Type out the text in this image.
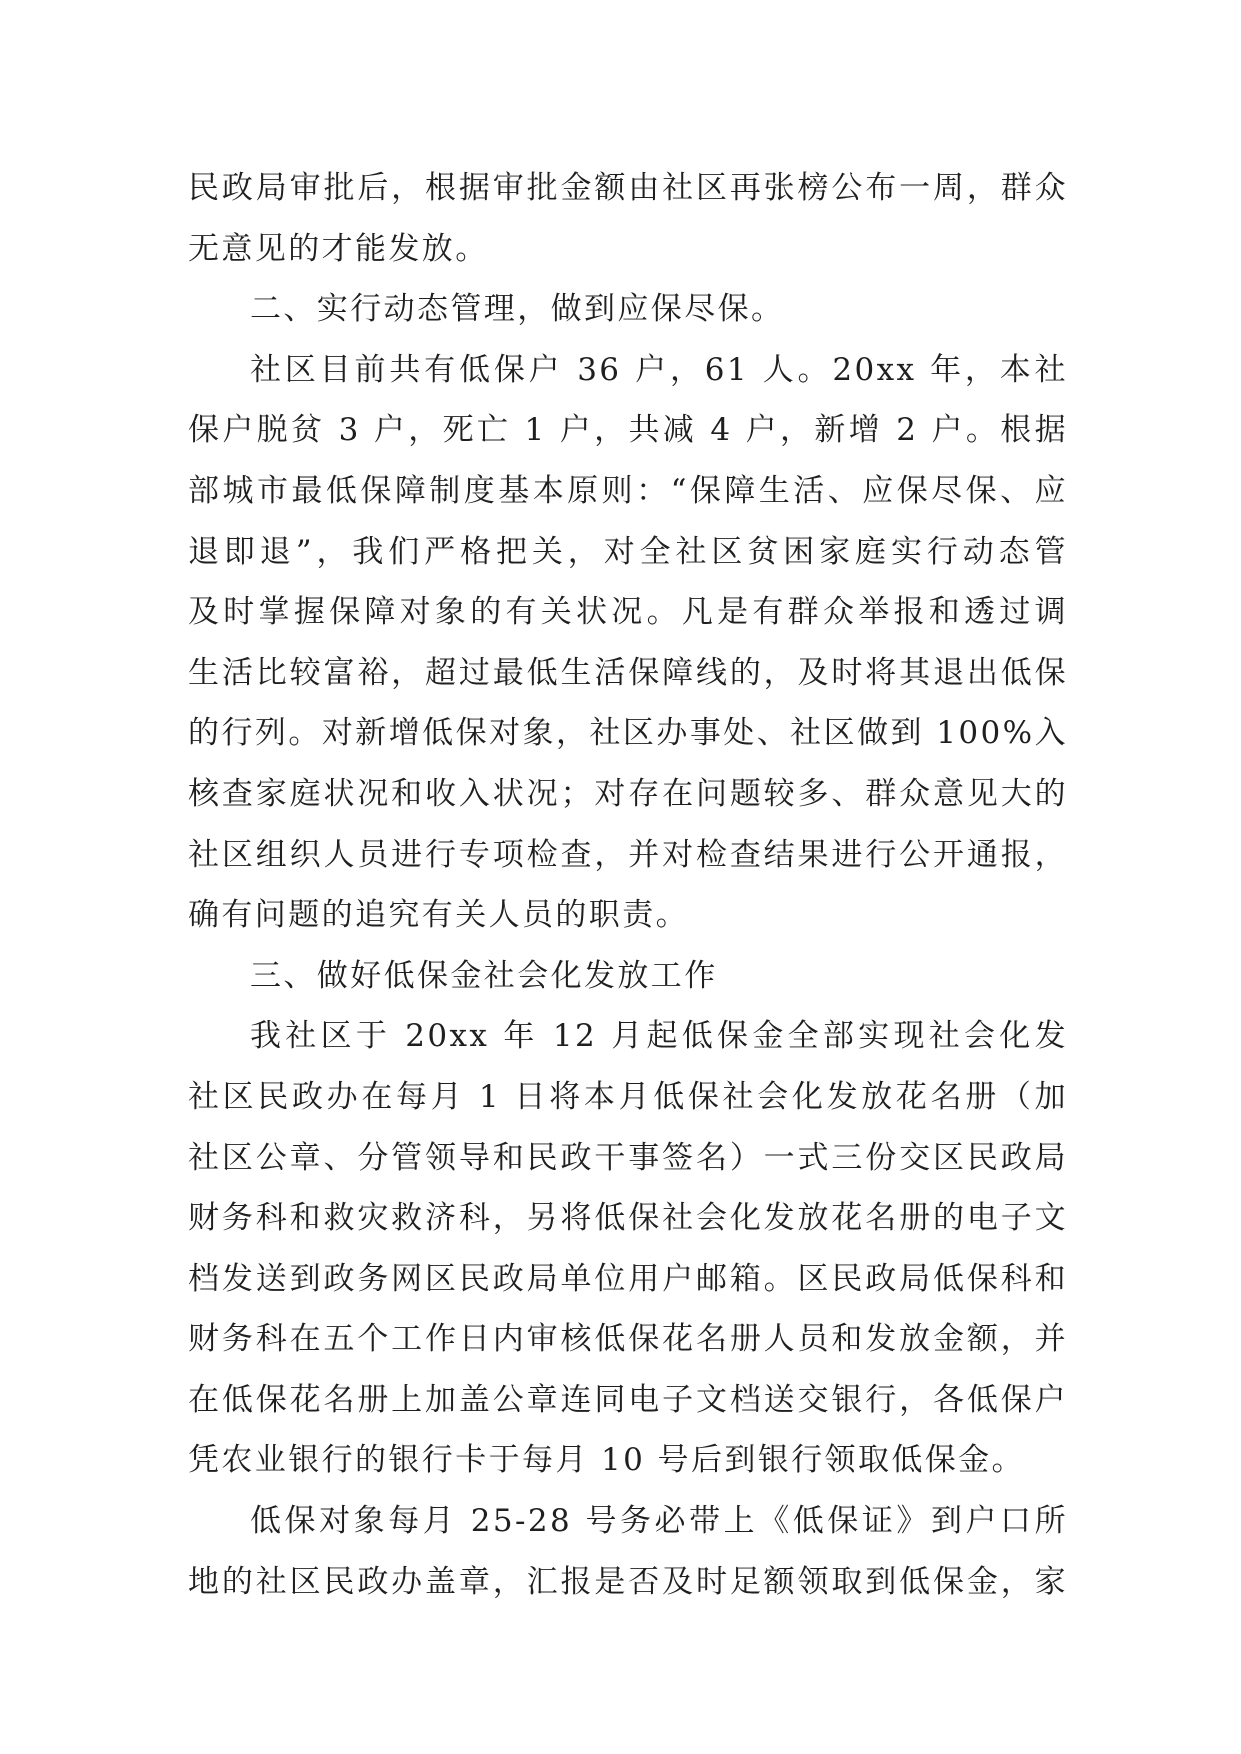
民政局审批后，根据审批金额由社区再张榜公布一周，群众
无意见的才能发放。
二、实行动态管理，做到应保尽保。
社区目前共有低保户 36 户，61 人。20xx 年，本社
保户脱贫 3 户，死亡 1 户，共减 4 户，新增 2 户。根据
部城市最低保障制度基本原则：“保障生活、应保尽保、应
退即退”，我们严格把关，对全社区贫困家庭实行动态管
及时掌握保障对象的有关状况。凡是有群众举报和透过调
生活比较富裕，超过最低生活保障线的，及时将其退出低保
的行列。对新增低保对象，社区办事处、社区做到 100%入
核查家庭状况和收入状况；对存在问题较多、群众意见大的
社区组织人员进行专项检查，并对检查结果进行公开通报，
确有问题的追究有关人员的职责。
三、做好低保金社会化发放工作
我社区于 20xx 年 12 月起低保金全部实现社会化发
社区民政办在每月 1 日将本月低保社会化发放花名册（加
社区公章、分管领导和民政干事签名）一式三份交区民政局
财务科和救灾救济科，另将低保社会化发放花名册的电子文
档发送到政务网区民政局单位用户邮箱。区民政局低保科和
财务科在五个工作日内审核低保花名册人员和发放金额，并
在低保花名册上加盖公章连同电子文档送交银行，各低保户
凭农业银行的银行卡于每月 10 号后到银行领取低保金。
低保对象每月 25-28 号务必带上《低保证》到户口所
地的社区民政办盖章，汇报是否及时足额领取到低保金，家
